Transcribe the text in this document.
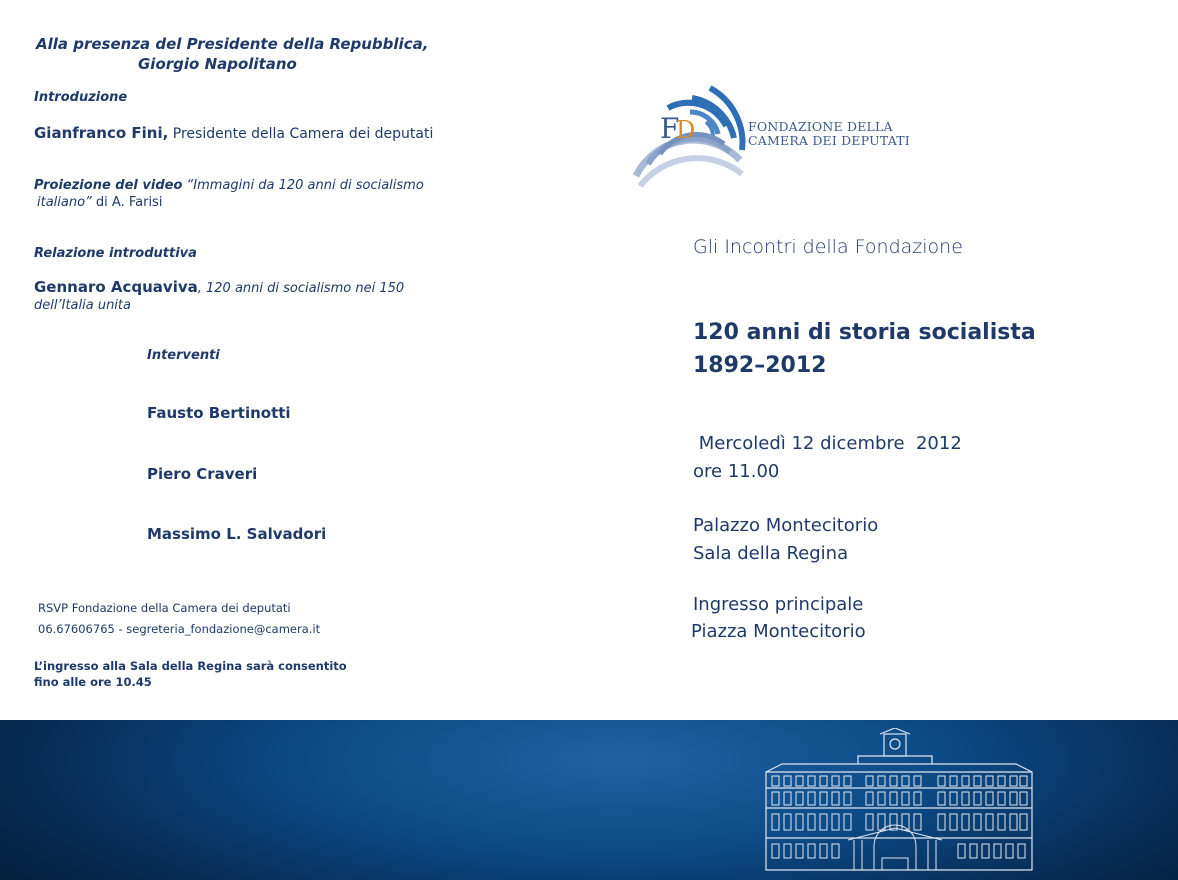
Alla presenza del Presidente della Repubblica,
Giorgio Napolitano
Introduzione
Gianfranco Fini, Presidente della Camera dei deputati
Proiezione del video “Immagini da 120 anni di socialismo
italiano” di A. Farisi
Relazione introduttiva
Gennaro Acquaviva, 120 anni di socialismo nei 150
dell’Italia unita
Interventi
Fausto Bertinotti
Piero Craveri
Massimo L. Salvadori
RSVP Fondazione della Camera dei deputati
06.67606765 - segreteria_fondazione@camera.it
L’ingresso alla Sala della Regina sarà consentito
fino alle ore 10.45
F
D	FONDAZIONE DELLA
CAMERA DEI DEPUTATI
Gli Incontri della Fondazione
120 anni di storia socialista
1892–2012
Mercoledì 12 dicembre  2012
ore 11.00
Palazzo Montecitorio
Sala della Regina
Ingresso principale
Piazza Montecitorio
